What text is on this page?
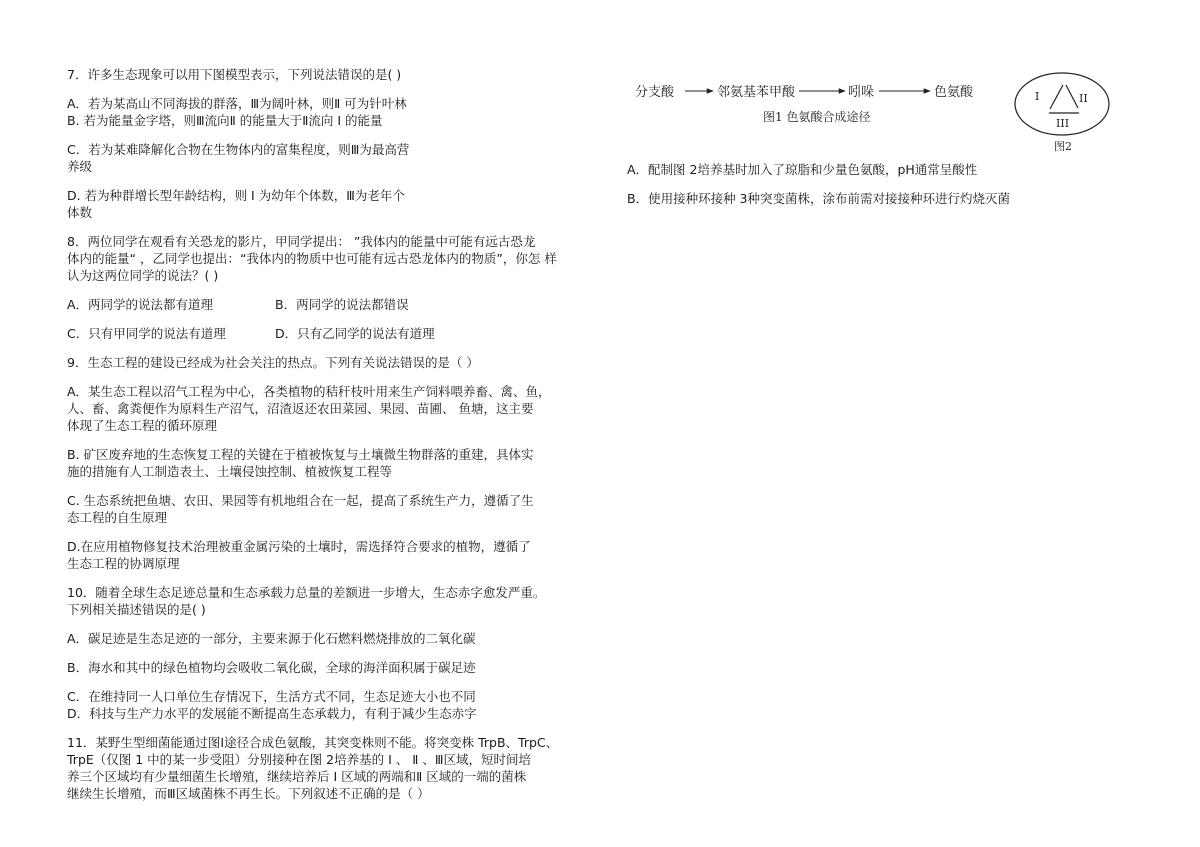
7．许多生态现象可以用下图模型表示，下列说法错误的是( )
A．若为某高山不同海拔的群落，Ⅲ为阔叶林，则Ⅱ 可为针叶林
B. 若为能量金字塔，则Ⅲ流向Ⅱ 的能量大于Ⅱ流向 Ⅰ 的能量
C．若为某难降解化合物在生物体内的富集程度，则Ⅲ为最高营
养级
D. 若为种群增长型年龄结构，则 Ⅰ 为幼年个体数，Ⅲ为老年个
体数
8．两位同学在观看有关恐龙的影片，甲同学提出： ”我体内的能量中可能有远古恐龙
体内的能量“ ，乙同学也提出：“我体内的物质中也可能有远古恐龙体内的物质”，你怎 样
认为这两位同学的说法？( )
A．两同学的说法都有道理	B．两同学的说法都错误
C．只有甲同学的说法有道理	D．只有乙同学的说法有道理
9．生态工程的建设已经成为社会关注的热点。下列有关说法错误的是（ ）
A．某生态工程以沼气工程为中心，各类植物的秸秆枝叶用来生产饲料喂养畜、禽、鱼，
人、畜、禽粪便作为原料生产沼气，沼渣返还农田菜园、果园、苗圃、 鱼塘，这主要
体现了生态工程的循环原理
B. 矿区废弃地的生态恢复工程的关键在于植被恢复与土壤微生物群落的重建，具体实
施的措施有人工制造表土、土壤侵蚀控制、植被恢复工程等
C. 生态系统把鱼塘、农田、果园等有机地组合在一起，提高了系统生产力，遵循了生
态工程的自生原理
D.在应用植物修复技术治理被重金属污染的土壤时，需选择符合要求的植物，遵循了
生态工程的协调原理
10．随着全球生态足迹总量和生态承载力总量的差额进一步增大，生态赤字愈发严重。
下列相关描述错误的是( )
A．碳足迹是生态足迹的一部分，主要来源于化石燃料燃烧排放的二氧化碳
B．海水和其中的绿色植物均会吸收二氧化碳，全球的海洋面积属于碳足迹
C．在维持同一人口单位生存情况下，生活方式不同，生态足迹大小也不同
D．科技与生产力水平的发展能不断提高生态承载力，有利于减少生态赤字
11．某野生型细菌能通过图Ⅰ途径合成色氨酸，其突变株则不能。将突变株 TrpB、TrpC、
TrpE（仅图 1 中的某一步受阻）分别接种在图 2培养基的 Ⅰ 、 Ⅱ 、Ⅲ区域，短时间培
养三个区域均有少量细菌生长增殖，继续培养后 Ⅰ 区域的两端和Ⅱ 区域的一端的菌株
继续生长增殖，而Ⅲ区域菌株不再生长。下列叙述不正确的是（ ）
分支酸	邻氨基苯甲酸	吲哚	色氨酸
图1 色氨酸合成途径
I	II
III
图2
A．配制图 2培养基时加入了琼脂和少量色氨酸，pH通常呈酸性
B．使用接种环接种 3种突变菌株，涂布前需对接接种环进行灼烧灭菌
